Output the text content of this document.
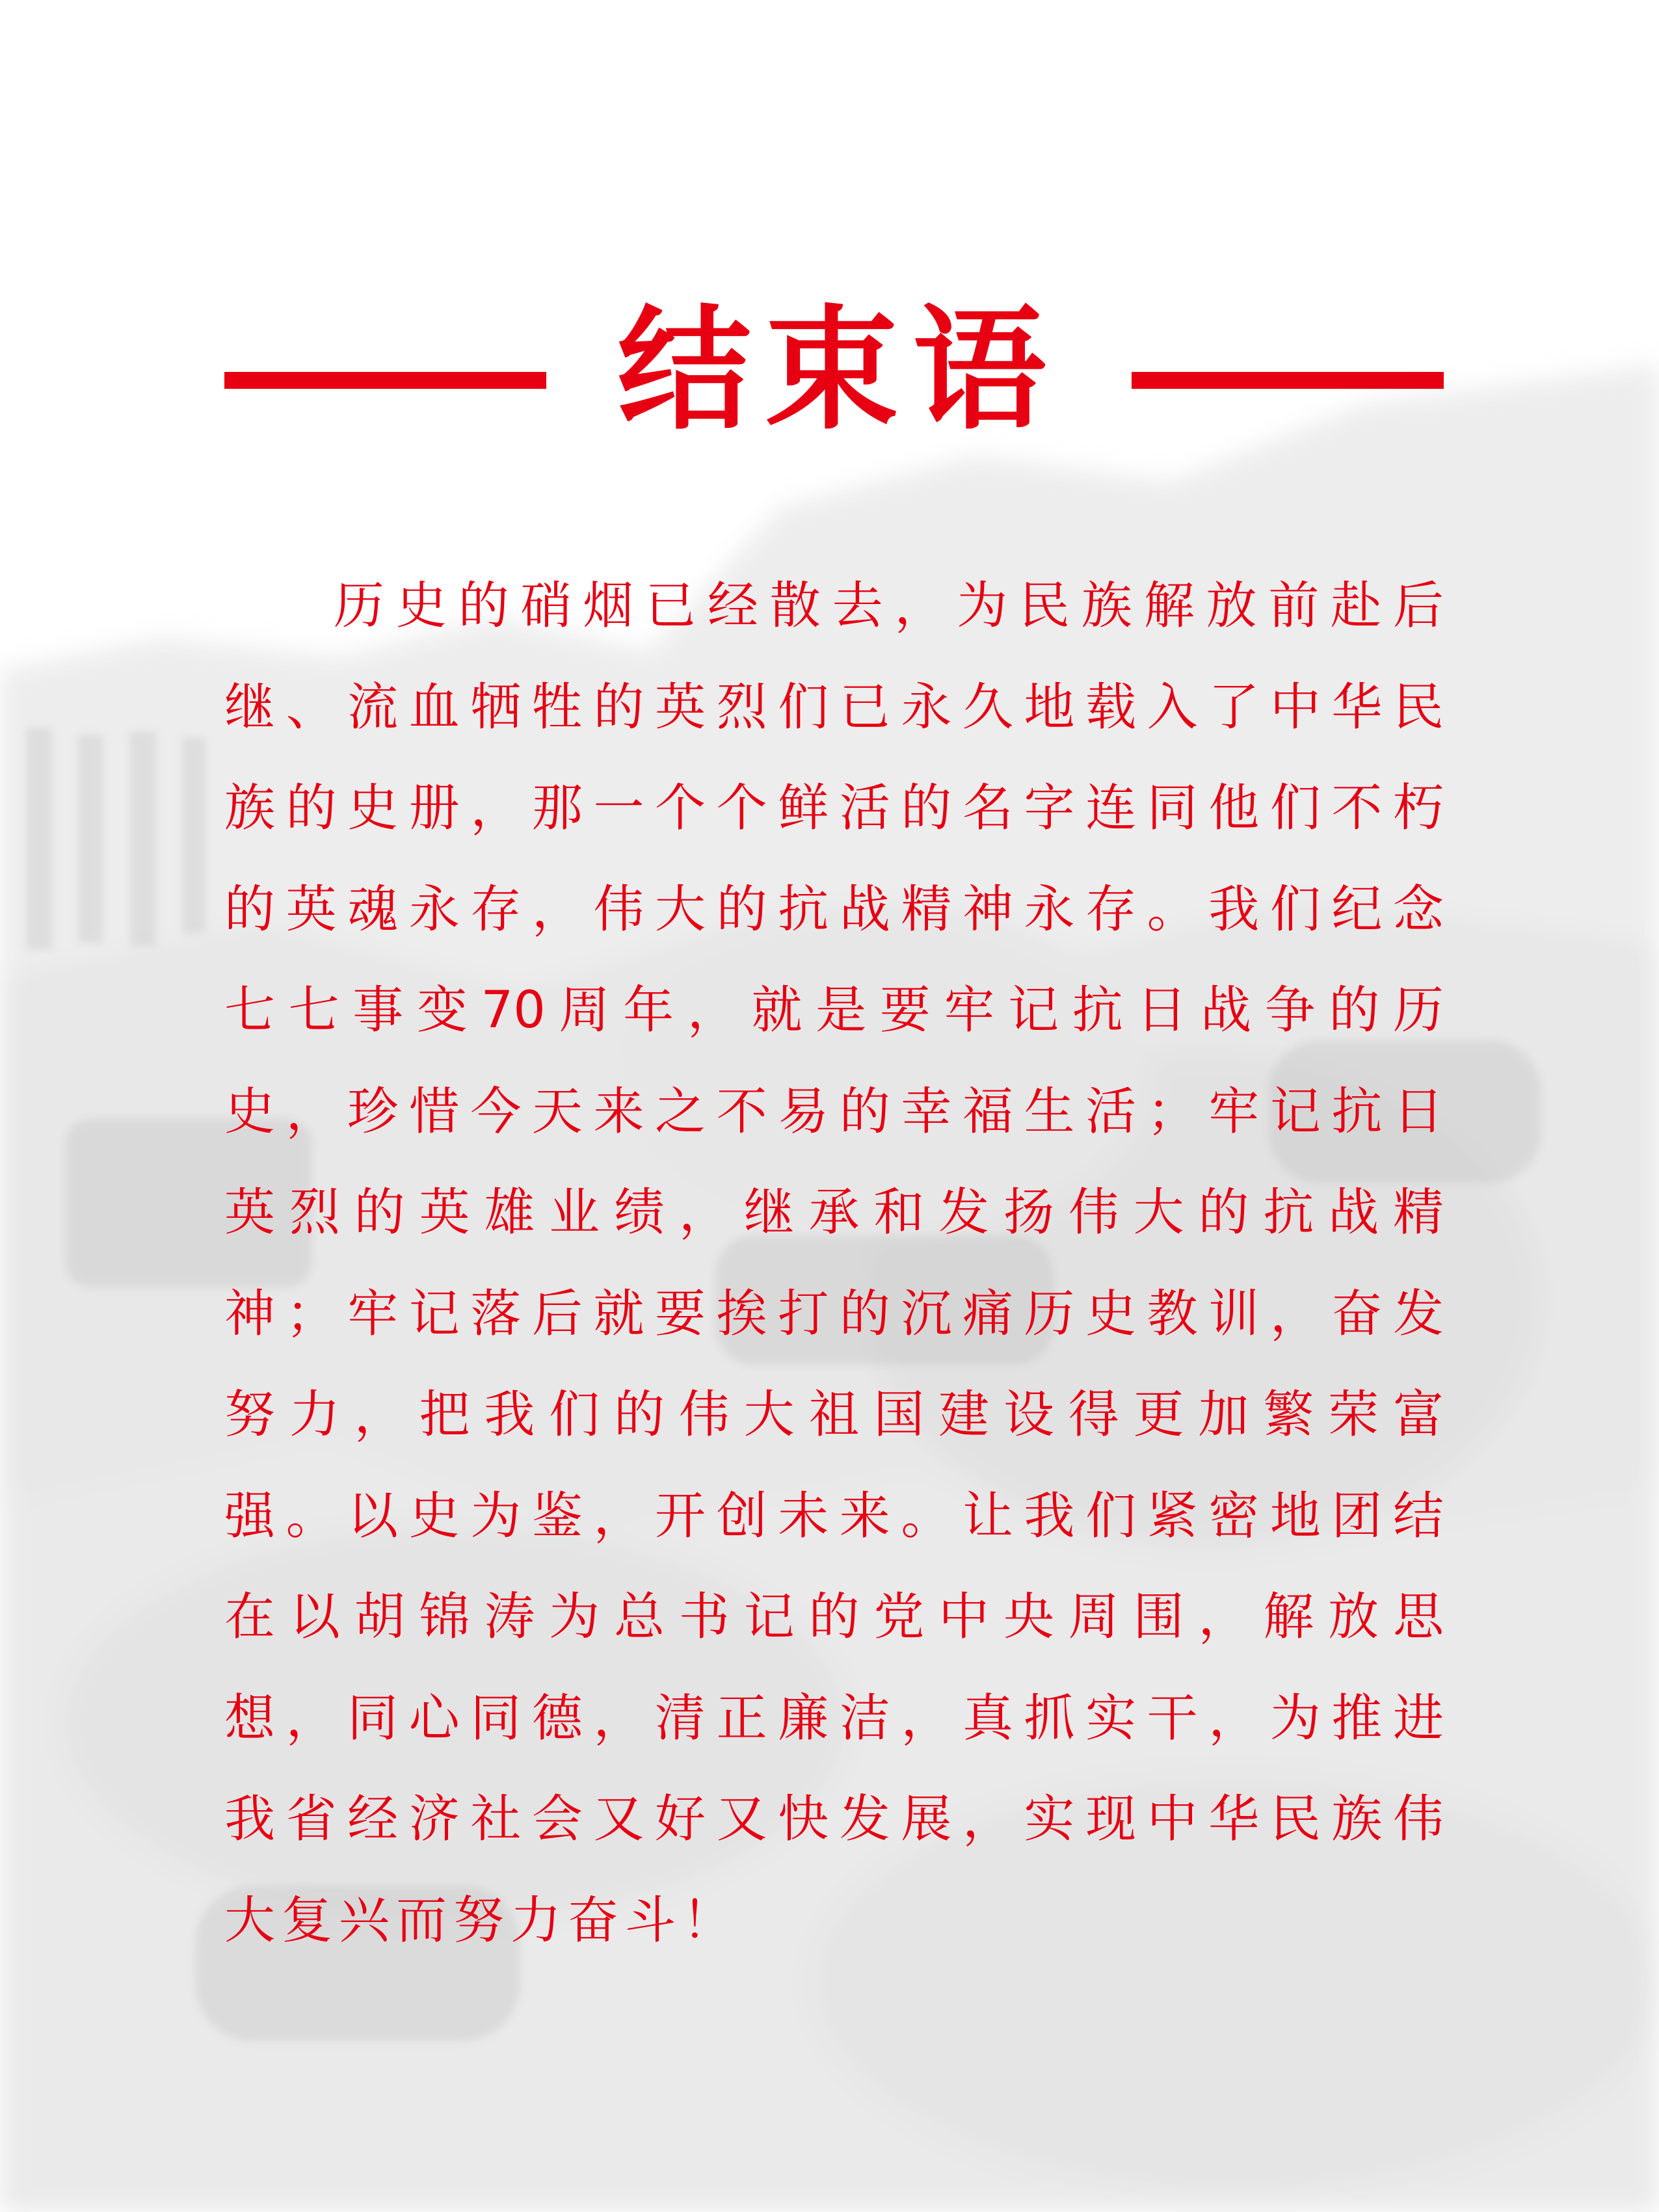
结束语
历史的硝烟已经散去，为民族解放前赴后
继、流血牺牲的英烈们已永久地载入了中华民
族的史册，那一个个鲜活的名字连同他们不朽
的英魂永存，伟大的抗战精神永存。我们纪念
七七事变70周年，就是要牢记抗日战争的历
史，珍惜今天来之不易的幸福生活；牢记抗日
英烈的英雄业绩，继承和发扬伟大的抗战精
神；牢记落后就要挨打的沉痛历史教训，奋发
努力，把我们的伟大祖国建设得更加繁荣富
强。以史为鉴，开创未来。让我们紧密地团结
在以胡锦涛为总书记的党中央周围，解放思
想，同心同德，清正廉洁，真抓实干，为推进
我省经济社会又好又快发展，实现中华民族伟
大复兴而努力奋斗！
